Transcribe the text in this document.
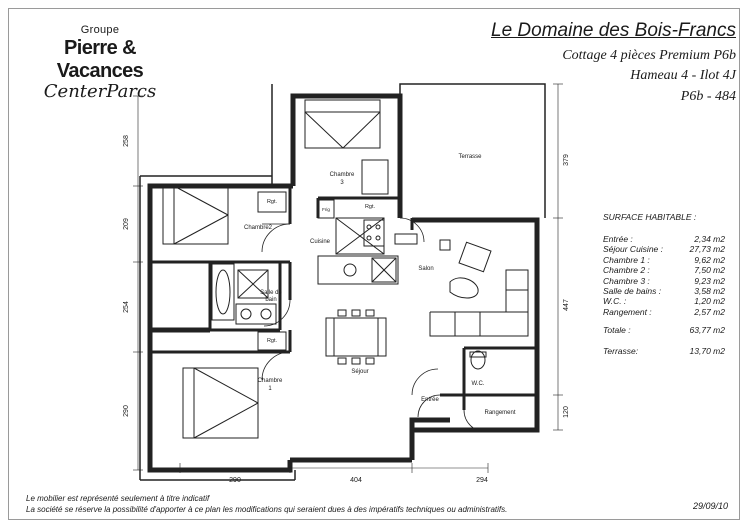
Groupe
Pierre & Vacances
CenterParcs
Le Domaine des Bois-Francs
Cottage 4 pièces Premium P6b
Hameau 4 - Ilot 4J
P6b - 484
Terrasse
Chambre
3
Chambre2
Chambre
1
Cuisine
Salon
Séjour
Salle de
bain
W.C.
Entrée
Rangement
Rgt.
Rgt.
Rgt.
Frig
258
209
254
290
379
447
120
290	404	294
SURFACE HABITABLE :
Entrée :	2,34 m2
Séjour Cuisine :	27,73 m2
Chambre 1 :	9,62 m2
Chambre 2 :	7,50 m2
Chambre 3 :	9,23 m2
Salle de bains :	3,58 m2
W.C. :	1,20 m2
Rangement :	2,57 m2
Totale :	63,77 m2
Terrasse:	13,70 m2
Le mobilier est représenté seulement à titre indicatif
La société se réserve la possibilité d'apporter à ce plan les modifications qui seraient dues à des impératifs techniques ou administratifs.	29/09/10
